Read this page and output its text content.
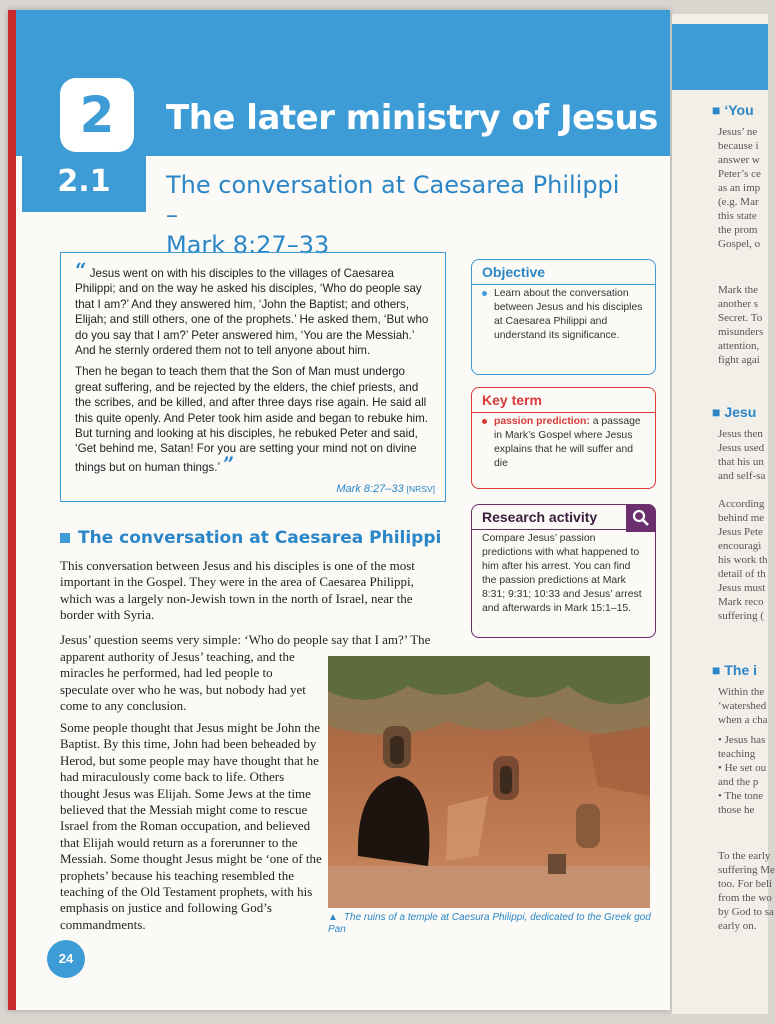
2	The later ministry of Jesus
2.1	The conversation at Caesarea Philippi –
Mark 8:27–33

“ Jesus went on with his disciples to the villages of Caesarea Philippi; and on the way he asked his disciples, ‘Who do people say that I am?’ And they answered him, ‘John the Baptist; and others, Elijah; and still others, one of the prophets.’ He asked them, ‘But who do you say that I am?’ Peter answered him, ‘You are the Messiah.’ And he sternly ordered them not to tell anyone about him.

Then he began to teach them that the Son of Man must undergo great suffering, and be rejected by the elders, the chief priests, and the scribes, and be killed, and after three days rise again. He said all this quite openly. And Peter took him aside and began to rebuke him. But turning and looking at his disciples, he rebuked Peter and said, ‘Get behind me, Satan! For you are setting your mind not on divine things but on human things.’ ”

Mark 8:27–33 [NRSV]
Objective
Learn about the conversation between Jesus and his disciples at Caesarea Philippi and understand its significance.
Key term
passion prediction: a passage in Mark’s Gospel where Jesus explains that he will suffer and die
Research activity
Compare Jesus’ passion predictions with what happened to him after his arrest. You can find the passion predictions at Mark 8:31; 9:31; 10:33 and Jesus’ arrest and afterwards in Mark 15:1–15.
The conversation at Caesarea Philippi
This conversation between Jesus and his disciples is one of the most important in the Gospel. They were in the area of Caesarea Philippi, which was a largely non-Jewish town in the north of Israel, near the border with Syria.
Jesus’ question seems very simple: ‘Who do people say that I am?’ The
apparent authority of Jesus’ teaching, and the miracles he performed, had led people to speculate over who he was, but nobody had yet come to any conclusion.
Some people thought that Jesus might be John the Baptist. By this time, John had been beheaded by Herod, but some people may have thought that he had miraculously come back to life. Others thought Jesus was Elijah. Some Jews at the time believed that the Messiah might come to rescue Israel from the Roman occupation, and believed that Elijah would return as a forerunner to the Messiah. Some thought Jesus might be ‘one of the prophets’ because his teaching resembled the teaching of the Old Testament prophets, with his emphasis on justice and following God’s commandments.	▲ The ruins of a temple at Caesura Philippi, dedicated to the Greek god Pan
24
■ ‘You
■ Jesu
■ The i
Jesus’ ne
because i
answer w
Peter’s ce
as an imp
(e.g. Mar
this state
the prom
Gospel, o
Mark the
another s
Secret. To
misunders
attention,
fight agai
Jesus then
Jesus used
that his un
and self-sa
According
behind me
Jesus Pete
encouragi
his work th
detail of th
Jesus must
Mark reco
suffering (
Within the
‘watershed
when a cha
• Jesus has
teaching
• He set ou
and the p
• The tone
those he
To the early
suffering Me
too. For beli
from the wo
by God to sa
early on.
